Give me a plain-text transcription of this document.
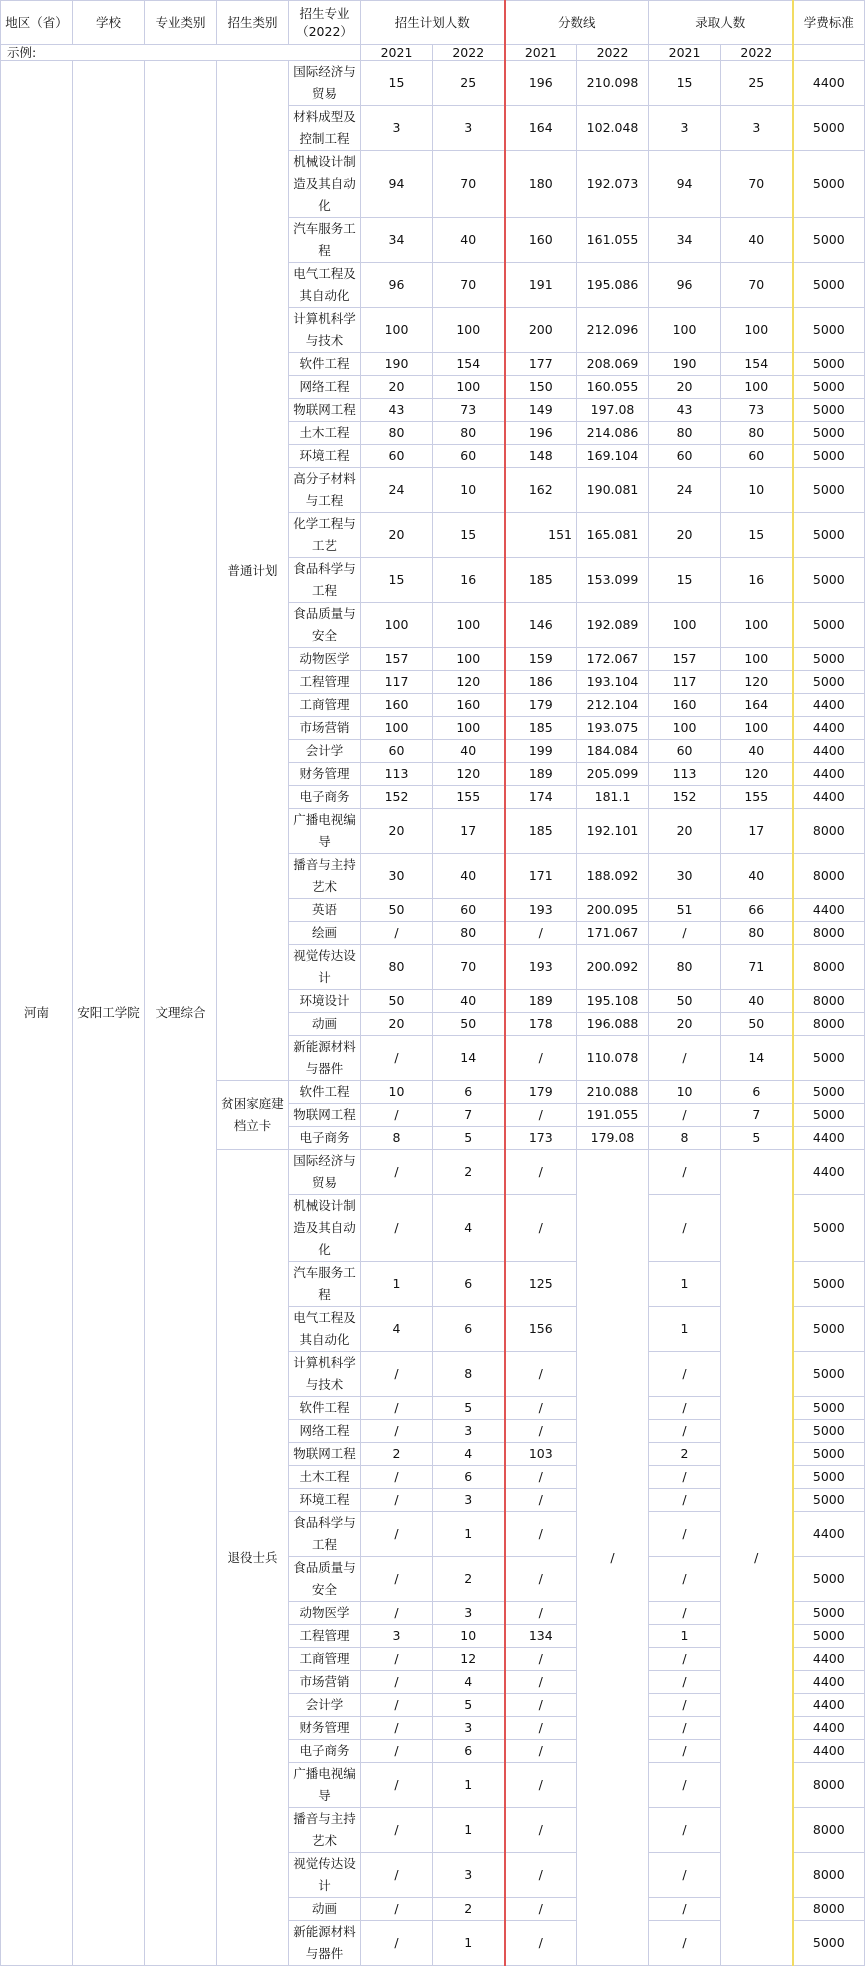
地区（省）	学校	专业类别	招生类别	招生专业（2022）	招生计划人数		分数线		录取人数		学费标准
示例:					2021	2022	2021	2022	2021	2022	
河南	安阳工学院	文理综合	普通计划	国际经济与贸易	15	25	196	210.098	15	25	4400
				材料成型及控制工程	3	3	164	102.048	3	3	5000
				机械设计制造及其自动化	94	70	180	192.073	94	70	5000
				汽车服务工程	34	40	160	161.055	34	40	5000
				电气工程及其自动化	96	70	191	195.086	96	70	5000
				计算机科学与技术	100	100	200	212.096	100	100	5000
				软件工程	190	154	177	208.069	190	154	5000
				网络工程	20	100	150	160.055	20	100	5000
				物联网工程	43	73	149	197.08	43	73	5000
				土木工程	80	80	196	214.086	80	80	5000
				环境工程	60	60	148	169.104	60	60	5000
				高分子材料与工程	24	10	162	190.081	24	10	5000
				化学工程与工艺	20	15	151	165.081	20	15	5000
				食品科学与工程	15	16	185	153.099	15	16	5000
				食品质量与安全	100	100	146	192.089	100	100	5000
				动物医学	157	100	159	172.067	157	100	5000
				工程管理	117	120	186	193.104	117	120	5000
				工商管理	160	160	179	212.104	160	164	4400
				市场营销	100	100	185	193.075	100	100	4400
				会计学	60	40	199	184.084	60	40	4400
				财务管理	113	120	189	205.099	113	120	4400
				电子商务	152	155	174	181.1	152	155	4400
				广播电视编导	20	17	185	192.101	20	17	8000
				播音与主持艺术	30	40	171	188.092	30	40	8000
				英语	50	60	193	200.095	51	66	4400
				绘画	/	80	/	171.067	/	80	8000
				视觉传达设计	80	70	193	200.092	80	71	8000
				环境设计	50	40	189	195.108	50	40	8000
				动画	20	50	178	196.088	20	50	8000
				新能源材料与器件	/	14	/	110.078	/	14	5000
			贫困家庭建档立卡	软件工程	10	6	179	210.088	10	6	5000
				物联网工程	/	7	/	191.055	/	7	5000
				电子商务	8	5	173	179.08	8	5	4400
			退役士兵	国际经济与贸易	/	2	/	/	/	/	4400
				机械设计制造及其自动化	/	4	/		/		5000
				汽车服务工程	1	6	125		1		5000
				电气工程及其自动化	4	6	156		1		5000
				计算机科学与技术	/	8	/		/		5000
				软件工程	/	5	/		/		5000
				网络工程	/	3	/		/		5000
				物联网工程	2	4	103		2		5000
				土木工程	/	6	/		/		5000
				环境工程	/	3	/		/		5000
				食品科学与工程	/	1	/		/		4400
				食品质量与安全	/	2	/		/		5000
				动物医学	/	3	/		/		5000
				工程管理	3	10	134		1		5000
				工商管理	/	12	/		/		4400
				市场营销	/	4	/		/		4400
				会计学	/	5	/		/		4400
				财务管理	/	3	/		/		4400
				电子商务	/	6	/		/		4400
				广播电视编导	/	1	/		/		8000
				播音与主持艺术	/	1	/		/		8000
				视觉传达设计	/	3	/		/		8000
				动画	/	2	/		/		8000
				新能源材料与器件	/	1	/		/		5000
